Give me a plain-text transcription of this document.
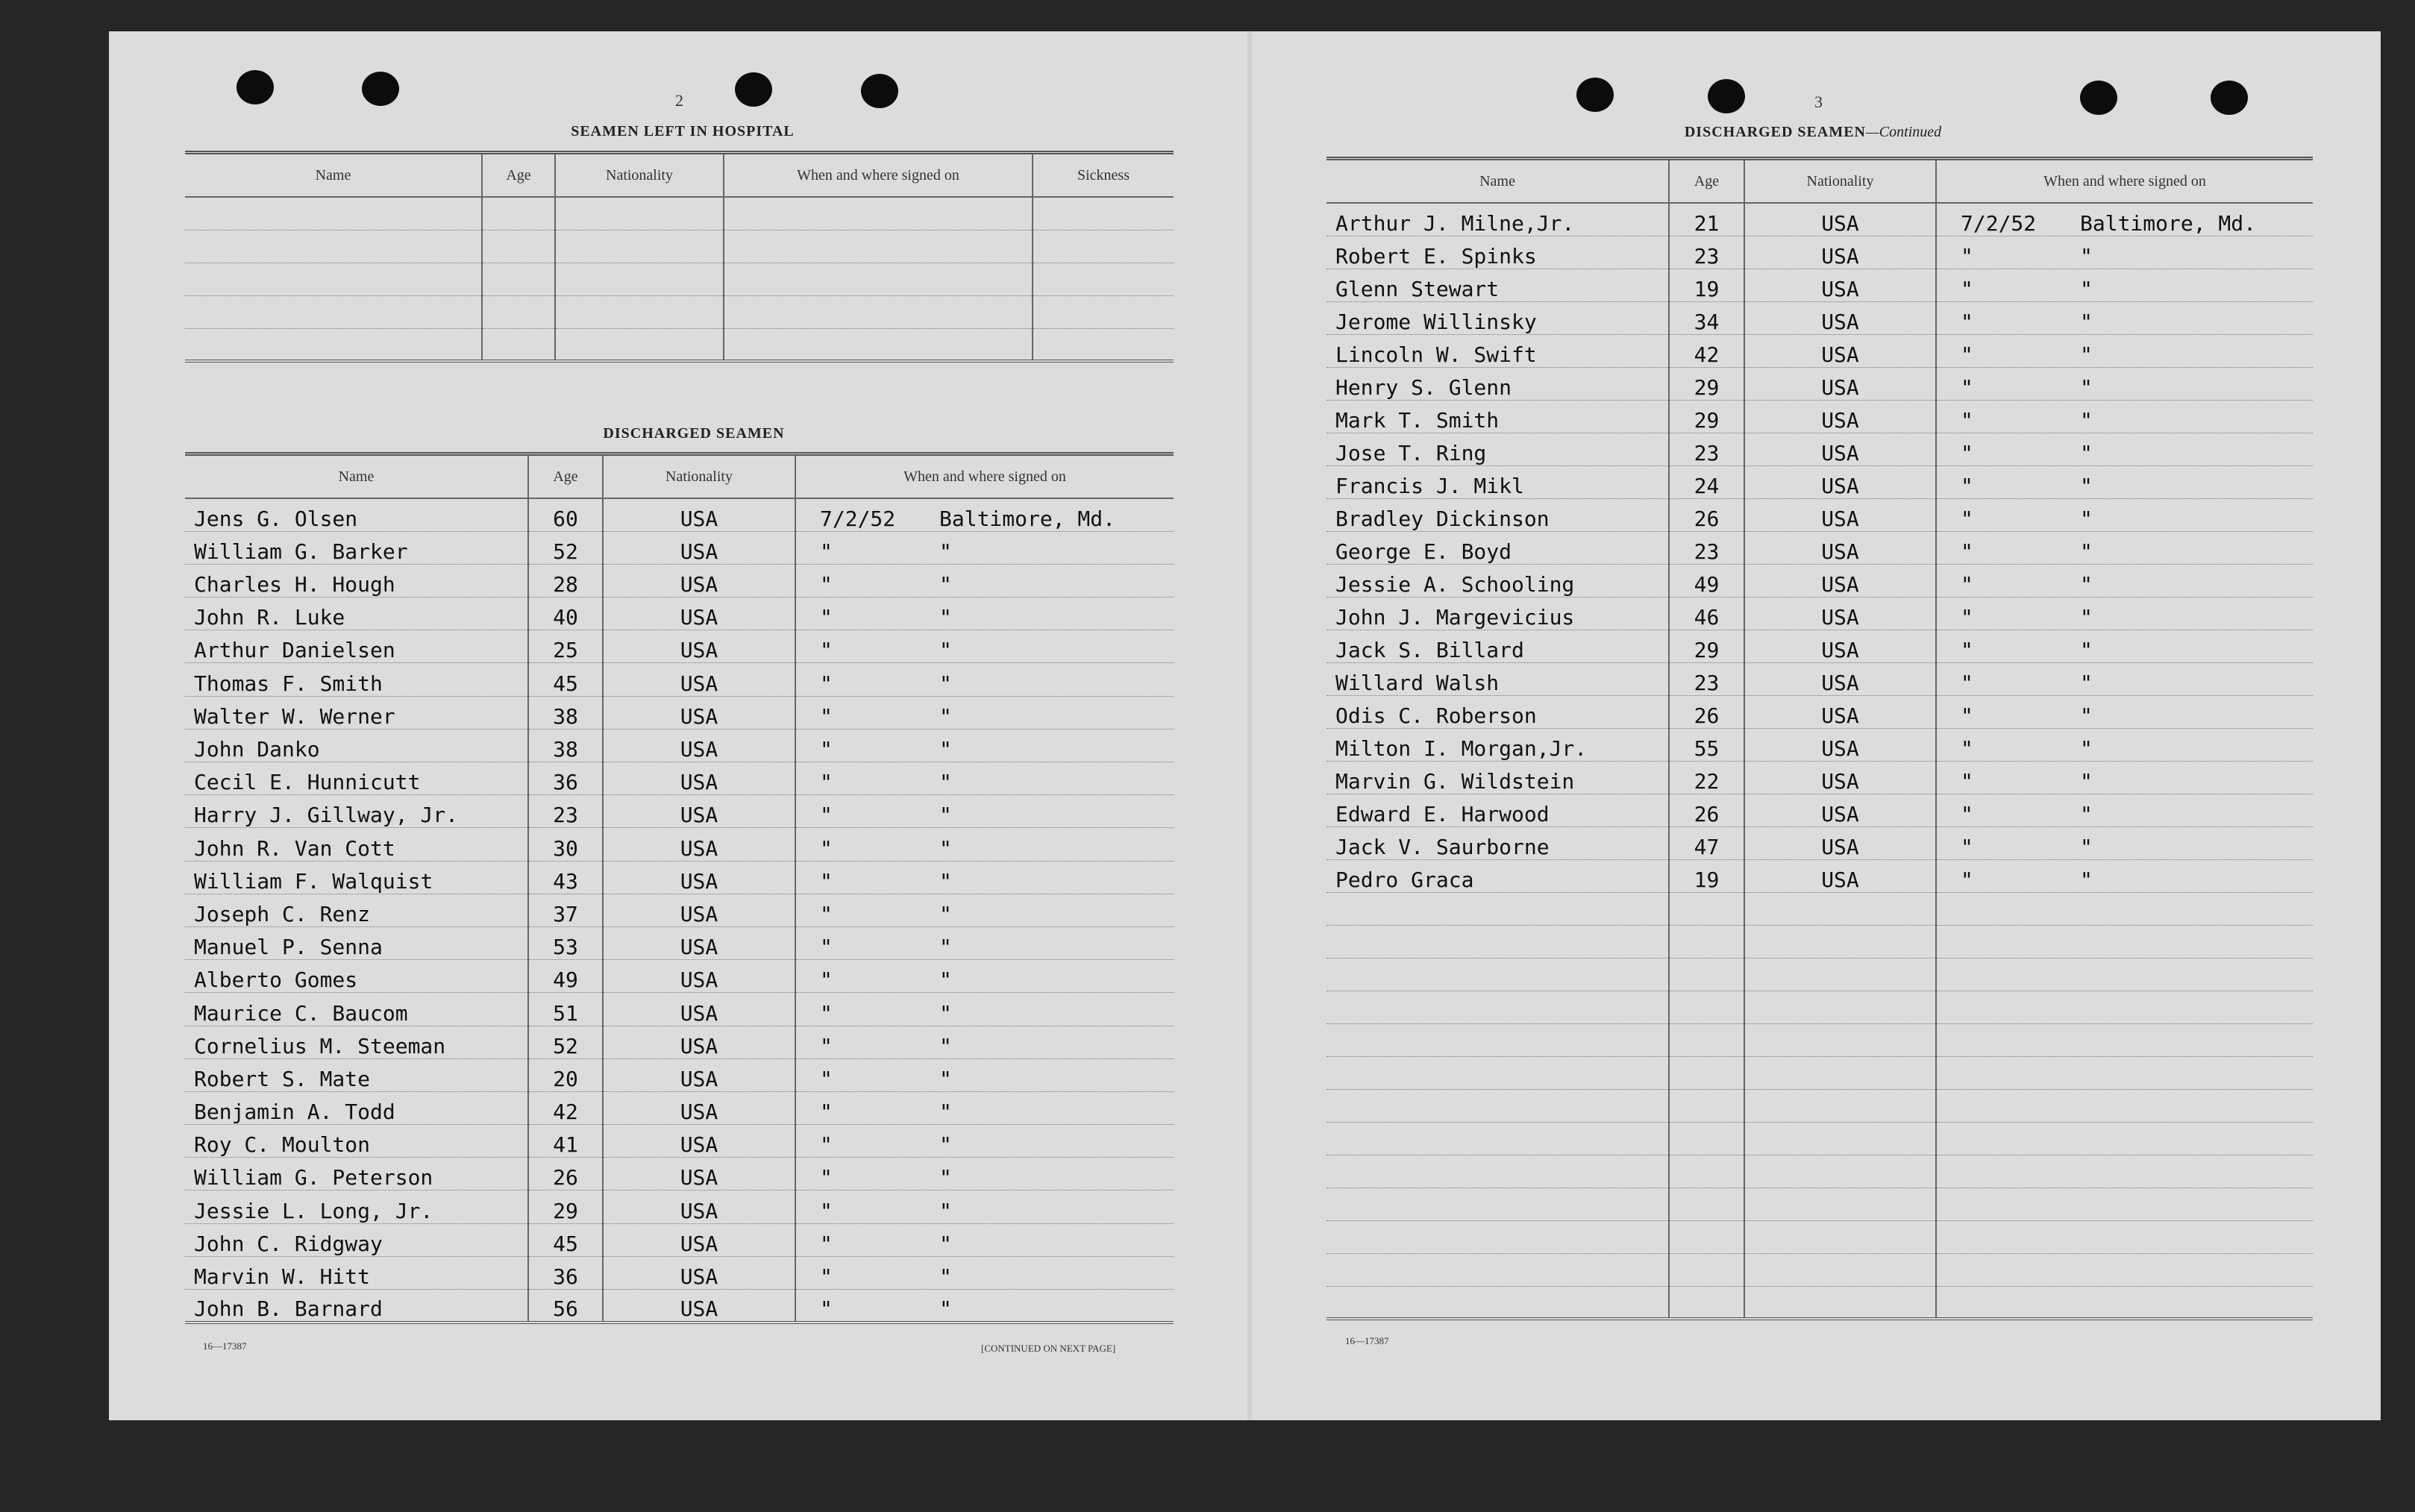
2
SEAMEN LEFT IN HOSPITAL
Name	Age	Nationality	When and where signed on	Sickness

DISCHARGED SEAMEN
Name	Age	Nationality	When and where signed on
Jens G. Olsen	60	USA	7/2/52 Baltimore, Md.
William G. Barker	52	USA	" "
Charles H. Hough	28	USA	" "
John R. Luke	40	USA	" "
Arthur Danielsen	25	USA	" "
Thomas F. Smith	45	USA	" "
Walter W. Werner	38	USA	" "
John Danko	38	USA	" "
Cecil E. Hunnicutt	36	USA	" "
Harry J. Gillway, Jr.	23	USA	" "
John R. Van Cott	30	USA	" "
William F. Walquist	43	USA	" "
Joseph C. Renz	37	USA	" "
Manuel P. Senna	53	USA	" "
Alberto Gomes	49	USA	" "
Maurice C. Baucom	51	USA	" "
Cornelius M. Steeman	52	USA	" "
Robert S. Mate	20	USA	" "
Benjamin A. Todd	42	USA	" "
Roy C. Moulton	41	USA	" "
William G. Peterson	26	USA	" "
Jessie L. Long, Jr.	29	USA	" "
John C. Ridgway	45	USA	" "
Marvin W. Hitt	36	USA	" "
John B. Barnard	56	USA	" "
16—17387	[CONTINUED ON NEXT PAGE]
3
DISCHARGED SEAMEN—Continued
Name	Age	Nationality	When and where signed on
Arthur J. Milne,Jr.	21	USA	7/2/52 Baltimore, Md.
Robert E. Spinks	23	USA	" "
Glenn Stewart	19	USA	" "
Jerome Willinsky	34	USA	" "
Lincoln W. Swift	42	USA	" "
Henry S. Glenn	29	USA	" "
Mark T. Smith	29	USA	" "
Jose T. Ring	23	USA	" "
Francis J. Mikl	24	USA	" "
Bradley Dickinson	26	USA	" "
George E. Boyd	23	USA	" "
Jessie A. Schooling	49	USA	" "
John J. Margevicius	46	USA	" "
Jack S. Billard	29	USA	" "
Willard Walsh	23	USA	" "
Odis C. Roberson	26	USA	" "
Milton I. Morgan,Jr.	55	USA	" "
Marvin G. Wildstein	22	USA	" "
Edward E. Harwood	26	USA	" "
Jack V. Saurborne	47	USA	" "
Pedro Graca	19	USA	" "

16—17387
